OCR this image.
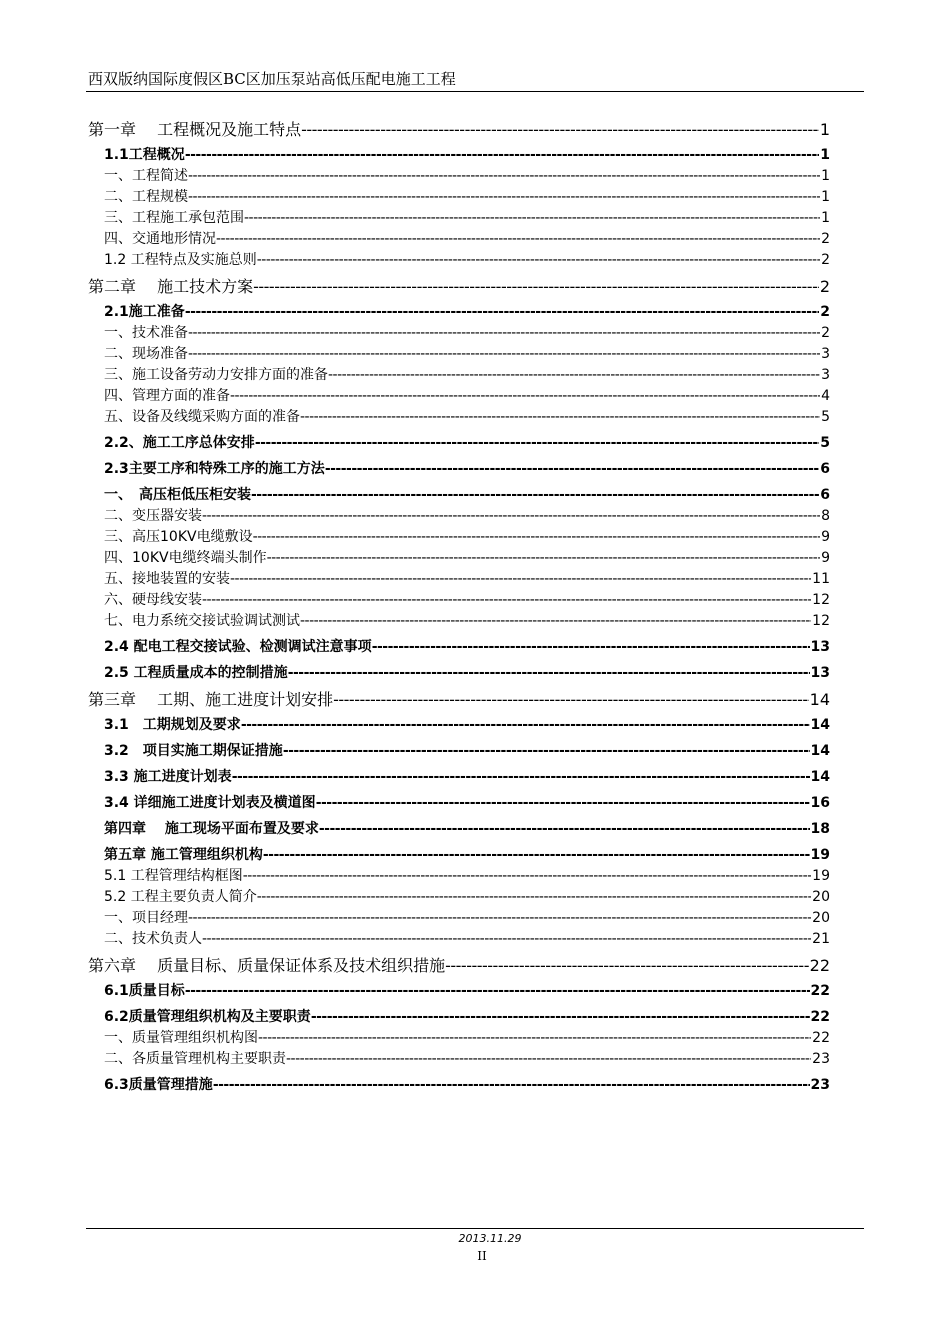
西双版纳国际度假区BC区加压泵站高低压配电施工工程
第一章　 工程概况及施工特点 -----	1
1.1工程概况 -----	1
一、工程简述 -----	1
二、工程规模 -----	1
三、工程施工承包范围 -----	1
四、交通地形情况 -----	2
1.2 工程特点及实施总则 -----	2
第二章　 施工技术方案 -----	2
2.1施工准备 -----	2
一、技术准备 -----	2
二、现场准备 -----	3
三、施工设备劳动力安排方面的准备 -----	3
四、管理方面的准备 -----	4
五、设备及线缆采购方面的准备 -----	5
2.2、施工工序总体安排 -----	5
2.3主要工序和特殊工序的施工方法 -----	6
一、　高压柜低压柜安装 -----	6
二、变压器安装 -----	8
三、高压10KV电缆敷设 -----	9
四、10KV电缆终端头制作 -----	9
五、接地装置的安装 -----	11
六、硬母线安装 -----	12
七、电力系统交接试验调试测试 -----	12
2.4 配电工程交接试验、检测调试注意事项 -----	13
2.5 工程质量成本的控制措施 -----	13
第三章　 工期、施工进度计划安排 -----	14
3.1　工期规划及要求 -----	14
3.2　项目实施工期保证措施 -----	14
3.3 施工进度计划表 -----	14
3.4 详细施工进度计划表及横道图 -----	16
第四章　 施工现场平面布置及要求 -----	18
第五章 施工管理组织机构 -----	19
5.1 工程管理结构框图 -----	19
5.2 工程主要负责人简介 -----	20
一、项目经理 -----	20
二、技术负责人 -----	21
第六章　 质量目标、质量保证体系及技术组织措施 -----	22
6.1质量目标 -----	22
6.2质量管理组织机构及主要职责 -----	22
一、质量管理组织机构图 -----	22
二、各质量管理机构主要职责 -----	23
6.3质量管理措施 -----	23
2013.11.29
II
